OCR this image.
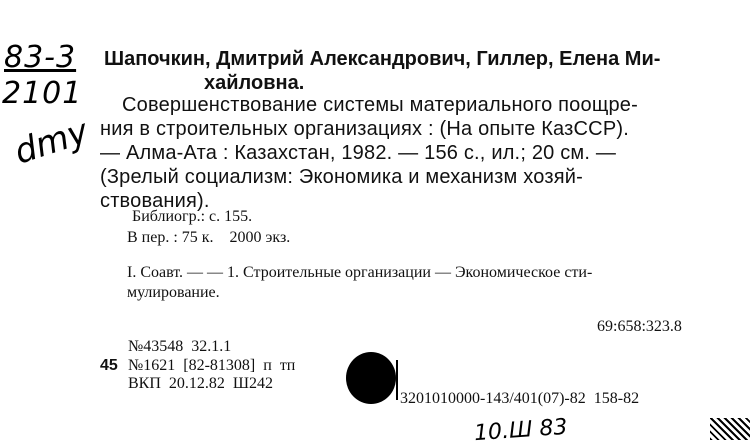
83-3
2101
dmy
Шапочкин, Дмитрий Александрович, Гиллер, Елена Ми-
хайловна.
Совершенствование системы материального поощре-
ния в строительных организациях : (На опыте КазССР).
— Алма-Ата : Казахстан, 1982. — 156 с., ил.; 20 см. —
(Зрелый социализм: Экономика и механизм хозяй-
ствования).
Библиогр.: с. 155.
В пер. : 75 к.    2000 экз.
I. Соавт. — — 1. Строительные организации — Экономическое сти-
мулирование.
69:658:323.8
№43548  32.1.1
45 №1621  [82-81308]  п  тп
ВКП  20.12.82  Ш242
3201010000-143/401(07)-82  158-82
10.Ш 83
